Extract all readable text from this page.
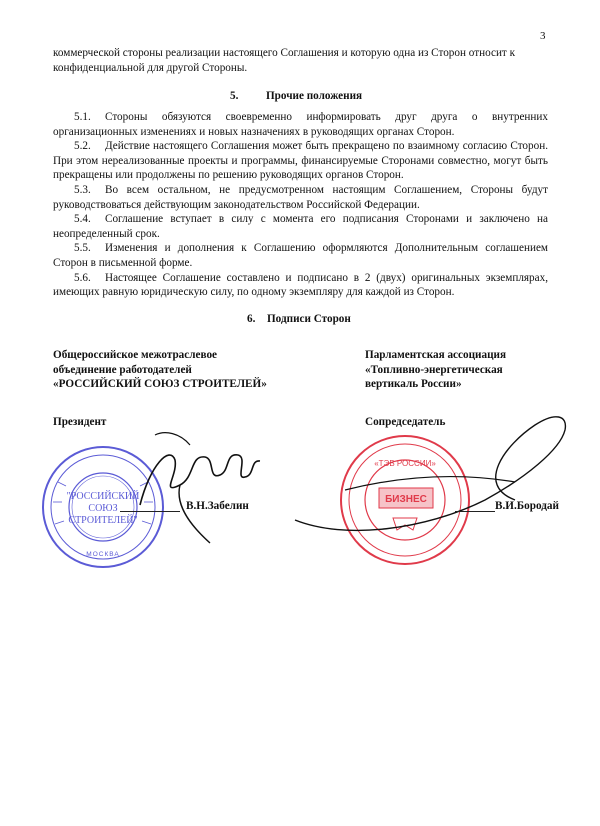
3
коммерческой стороны реализации настоящего Соглашения и которую одна из Сторон относит к
конфиденциальной для другой Стороны.
5. Прочие положения
5.1. Стороны обязуются своевременно информировать друг друга о внутренних организационных изменениях и новых назначениях в руководящих органах Сторон.
5.2. Действие настоящего Соглашения может быть прекращено по взаимному согласию Сторон. При этом нереализованные проекты и программы, финансируемые Сторонами совместно, могут быть прекращены или продолжены по решению руководящих органов Сторон.
5.3. Во всем остальном, не предусмотренном настоящим Соглашением, Стороны будут руководствоваться действующим законодательством Российской Федерации.
5.4. Соглашение вступает в силу с момента его подписания Сторонами и заключено на неопределенный срок.
5.5. Изменения и дополнения к Соглашению оформляются Дополнительным соглашением Сторон в письменной форме.
5.6. Настоящее Соглашение составлено и подписано в 2 (двух) оригинальных экземплярах, имеющих равную юридическую силу, по одному экземпляру для каждой из Сторон.
6. Подписи Сторон
Общероссийское межотраслевое
объединение работодателей
«РОССИЙСКИЙ СОЮЗ СТРОИТЕЛЕЙ»
Президент
Парламентская ассоциация
«Топливно-энергетическая
вертикаль России»
Сопредседатель
"РОССИЙСКИЙ
СОЮЗ
СТРОИТЕЛЕЙ"
МОСКВА
В.Н.Забелин
«ТЭВ РОССИИ»
БИЗНЕС
В.И.Бородай
